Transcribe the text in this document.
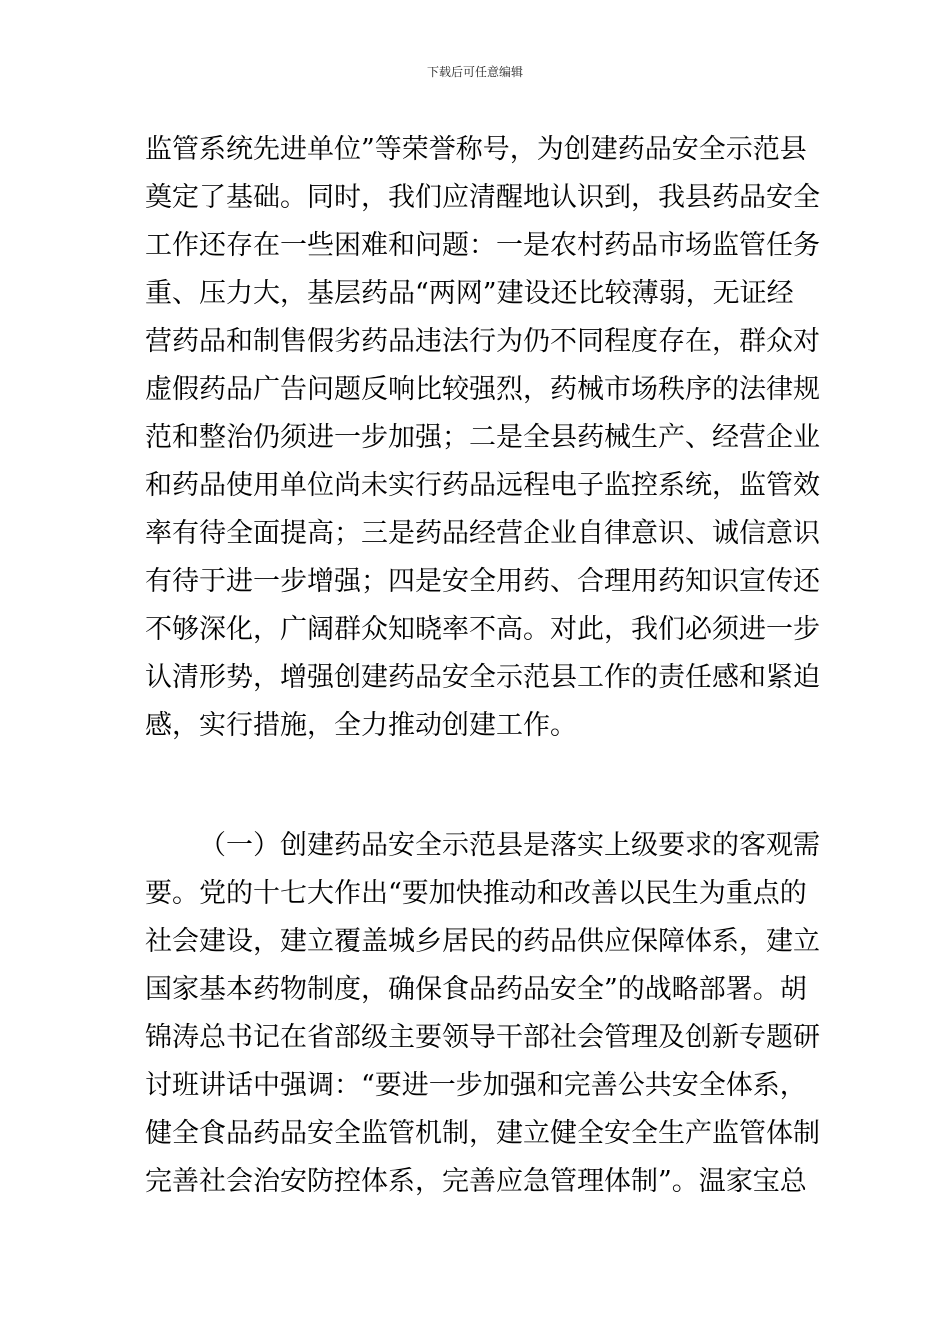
下载后可任意编辑
监管系统先进单位”等荣誉称号，为创建药品安全示范县
奠定了基础。同时，我们应清醒地认识到，我县药品安全
工作还存在一些困难和问题：一是农村药品市场监管任务
重、压力大，基层药品“两网”建设还比较薄弱，无证经
营药品和制售假劣药品违法行为仍不同程度存在，群众对
虚假药品广告问题反响比较强烈，药械市场秩序的法律规
范和整治仍须进一步加强；二是全县药械生产、经营企业
和药品使用单位尚未实行药品远程电子监控系统，监管效
率有待全面提高；三是药品经营企业自律意识、诚信意识
有待于进一步增强；四是安全用药、合理用药知识宣传还
不够深化，广阔群众知晓率不高。对此，我们必须进一步
认清形势，增强创建药品安全示范县工作的责任感和紧迫
感，实行措施，全力推动创建工作。
（一）创建药品安全示范县是落实上级要求的客观需
要。党的十七大作出“要加快推动和改善以民生为重点的
社会建设，建立覆盖城乡居民的药品供应保障体系，建立
国家基本药物制度，确保食品药品安全”的战略部署。胡
锦涛总书记在省部级主要领导干部社会管理及创新专题研
讨班讲话中强调：“要进一步加强和完善公共安全体系，
健全食品药品安全监管机制，建立健全安全生产监管体制
完善社会治安防控体系，完善应急管理体制”。温家宝总
